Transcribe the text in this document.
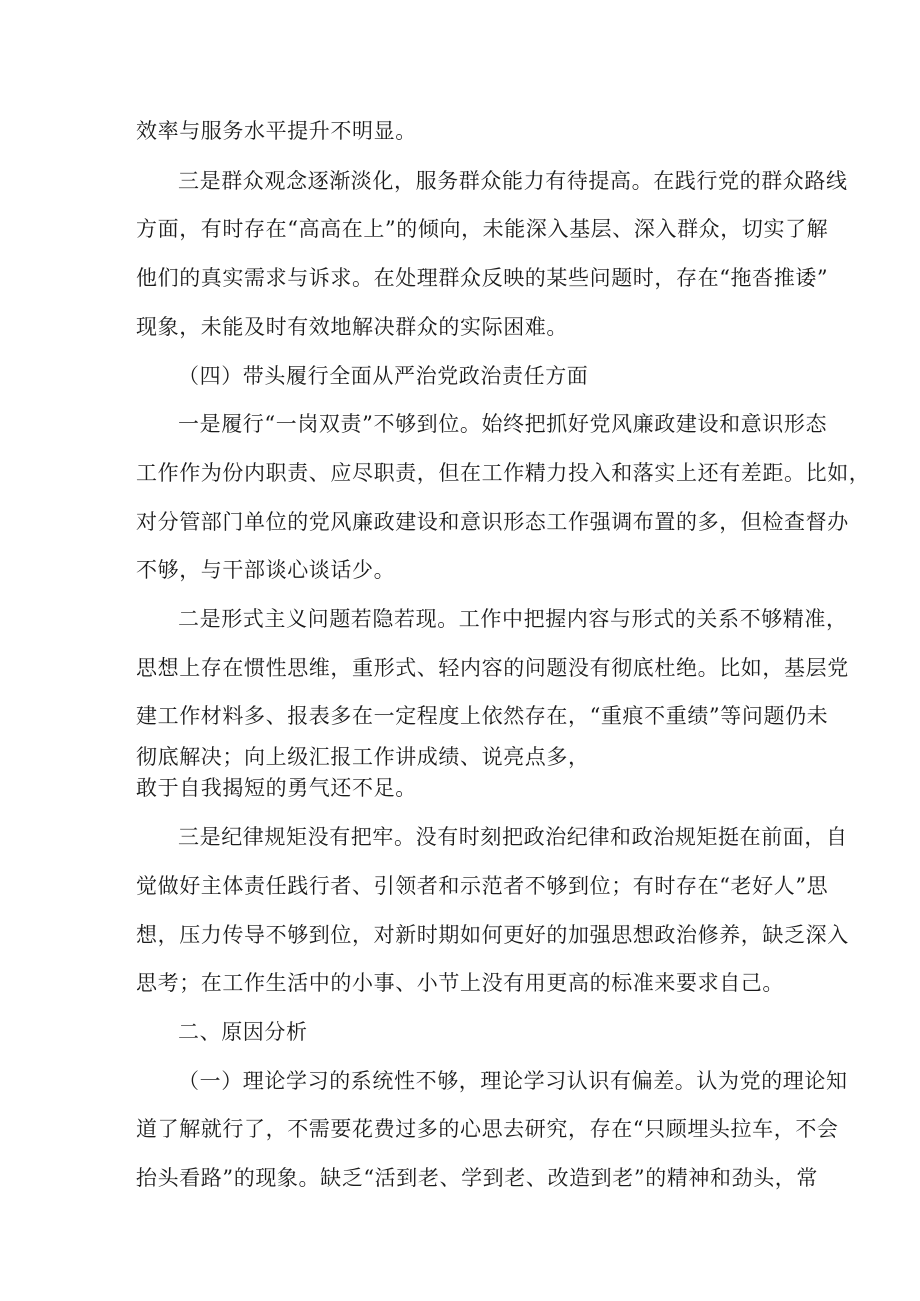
效率与服务水平提升不明显。
三是群众观念逐渐淡化，服务群众能力有待提高。在践行党的群众路线
方面，有时存在“高高在上”的倾向，未能深入基层、深入群众，切实了解
他们的真实需求与诉求。在处理群众反映的某些问题时，存在“拖沓推诿”
现象，未能及时有效地解决群众的实际困难。
（四）带头履行全面从严治党政治责任方面
一是履行“一岗双责”不够到位。始终把抓好党风廉政建设和意识形态
工作作为份内职责、应尽职责，但在工作精力投入和落实上还有差距。比如，
对分管部门单位的党风廉政建设和意识形态工作强调布置的多，但检查督办
不够，与干部谈心谈话少。
二是形式主义问题若隐若现。工作中把握内容与形式的关系不够精准，
思想上存在惯性思维，重形式、轻内容的问题没有彻底杜绝。比如，基层党
建工作材料多、报表多在一定程度上依然存在，“重痕不重绩”等问题仍未
彻底解决；向上级汇报工作讲成绩、说亮点多，
敢于自我揭短的勇气还不足。
三是纪律规矩没有把牢。没有时刻把政治纪律和政治规矩挺在前面，自
觉做好主体责任践行者、引领者和示范者不够到位；有时存在“老好人”思
想，压力传导不够到位，对新时期如何更好的加强思想政治修养，缺乏深入
思考；在工作生活中的小事、小节上没有用更高的标准来要求自己。
二、原因分析
（一）理论学习的系统性不够，理论学习认识有偏差。认为党的理论知
道了解就行了，不需要花费过多的心思去研究，存在“只顾埋头拉车，不会
抬头看路”的现象。缺乏“活到老、学到老、改造到老”的精神和劲头，常
